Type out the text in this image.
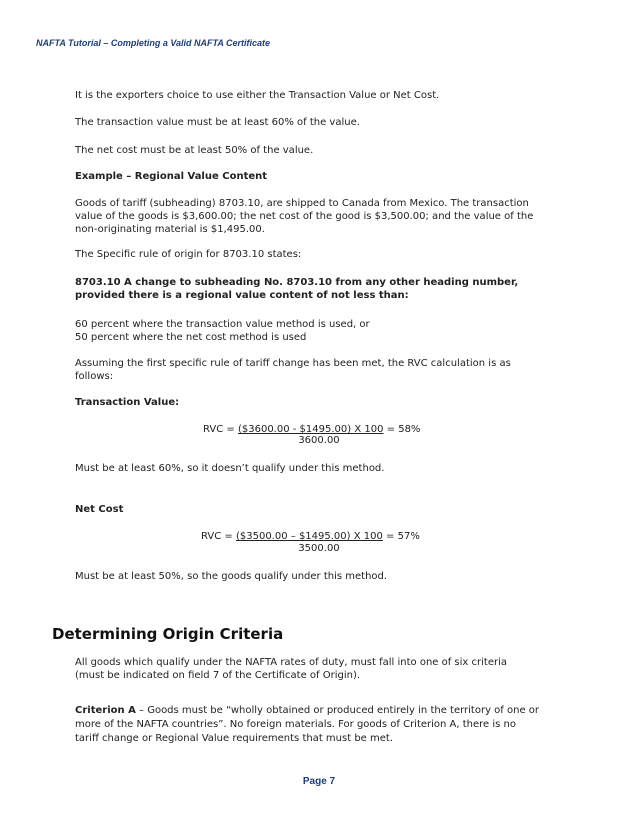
NAFTA Tutorial – Completing a Valid NAFTA Certificate
It is the exporters choice to use either the Transaction Value or Net Cost.
The transaction value must be at least 60% of the value.
The net cost must be at least 50% of the value.
Example – Regional Value Content
Goods of tariff (subheading) 8703.10, are shipped to Canada from Mexico. The transaction
value of the goods is $3,600.00; the net cost of the good is $3,500.00; and the value of the
non-originating material is $1,495.00.
The Specific rule of origin for 8703.10 states:
8703.10 A change to subheading No. 8703.10 from any other heading number,
provided there is a regional value content of not less than:
60 percent where the transaction value method is used, or
50 percent where the net cost method is used
Assuming the first specific rule of tariff change has been met, the RVC calculation is as
follows:
Transaction Value:
RVC = ($3600.00 - $1495.00) X 100 = 58%
3600.00
Must be at least 60%, so it doesn’t qualify under this method.
Net Cost
RVC = ($3500.00 – $1495.00) X 100 = 57%
3500.00
Must be at least 50%, so the goods qualify under this method.
Determining Origin Criteria
All goods which qualify under the NAFTA rates of duty, must fall into one of six criteria
(must be indicated on field 7 of the Certificate of Origin).
Criterion A – Goods must be “wholly obtained or produced entirely in the territory of one or
more of the NAFTA countries”. No foreign materials. For goods of Criterion A, there is no
tariff change or Regional Value requirements that must be met.
Page 7
